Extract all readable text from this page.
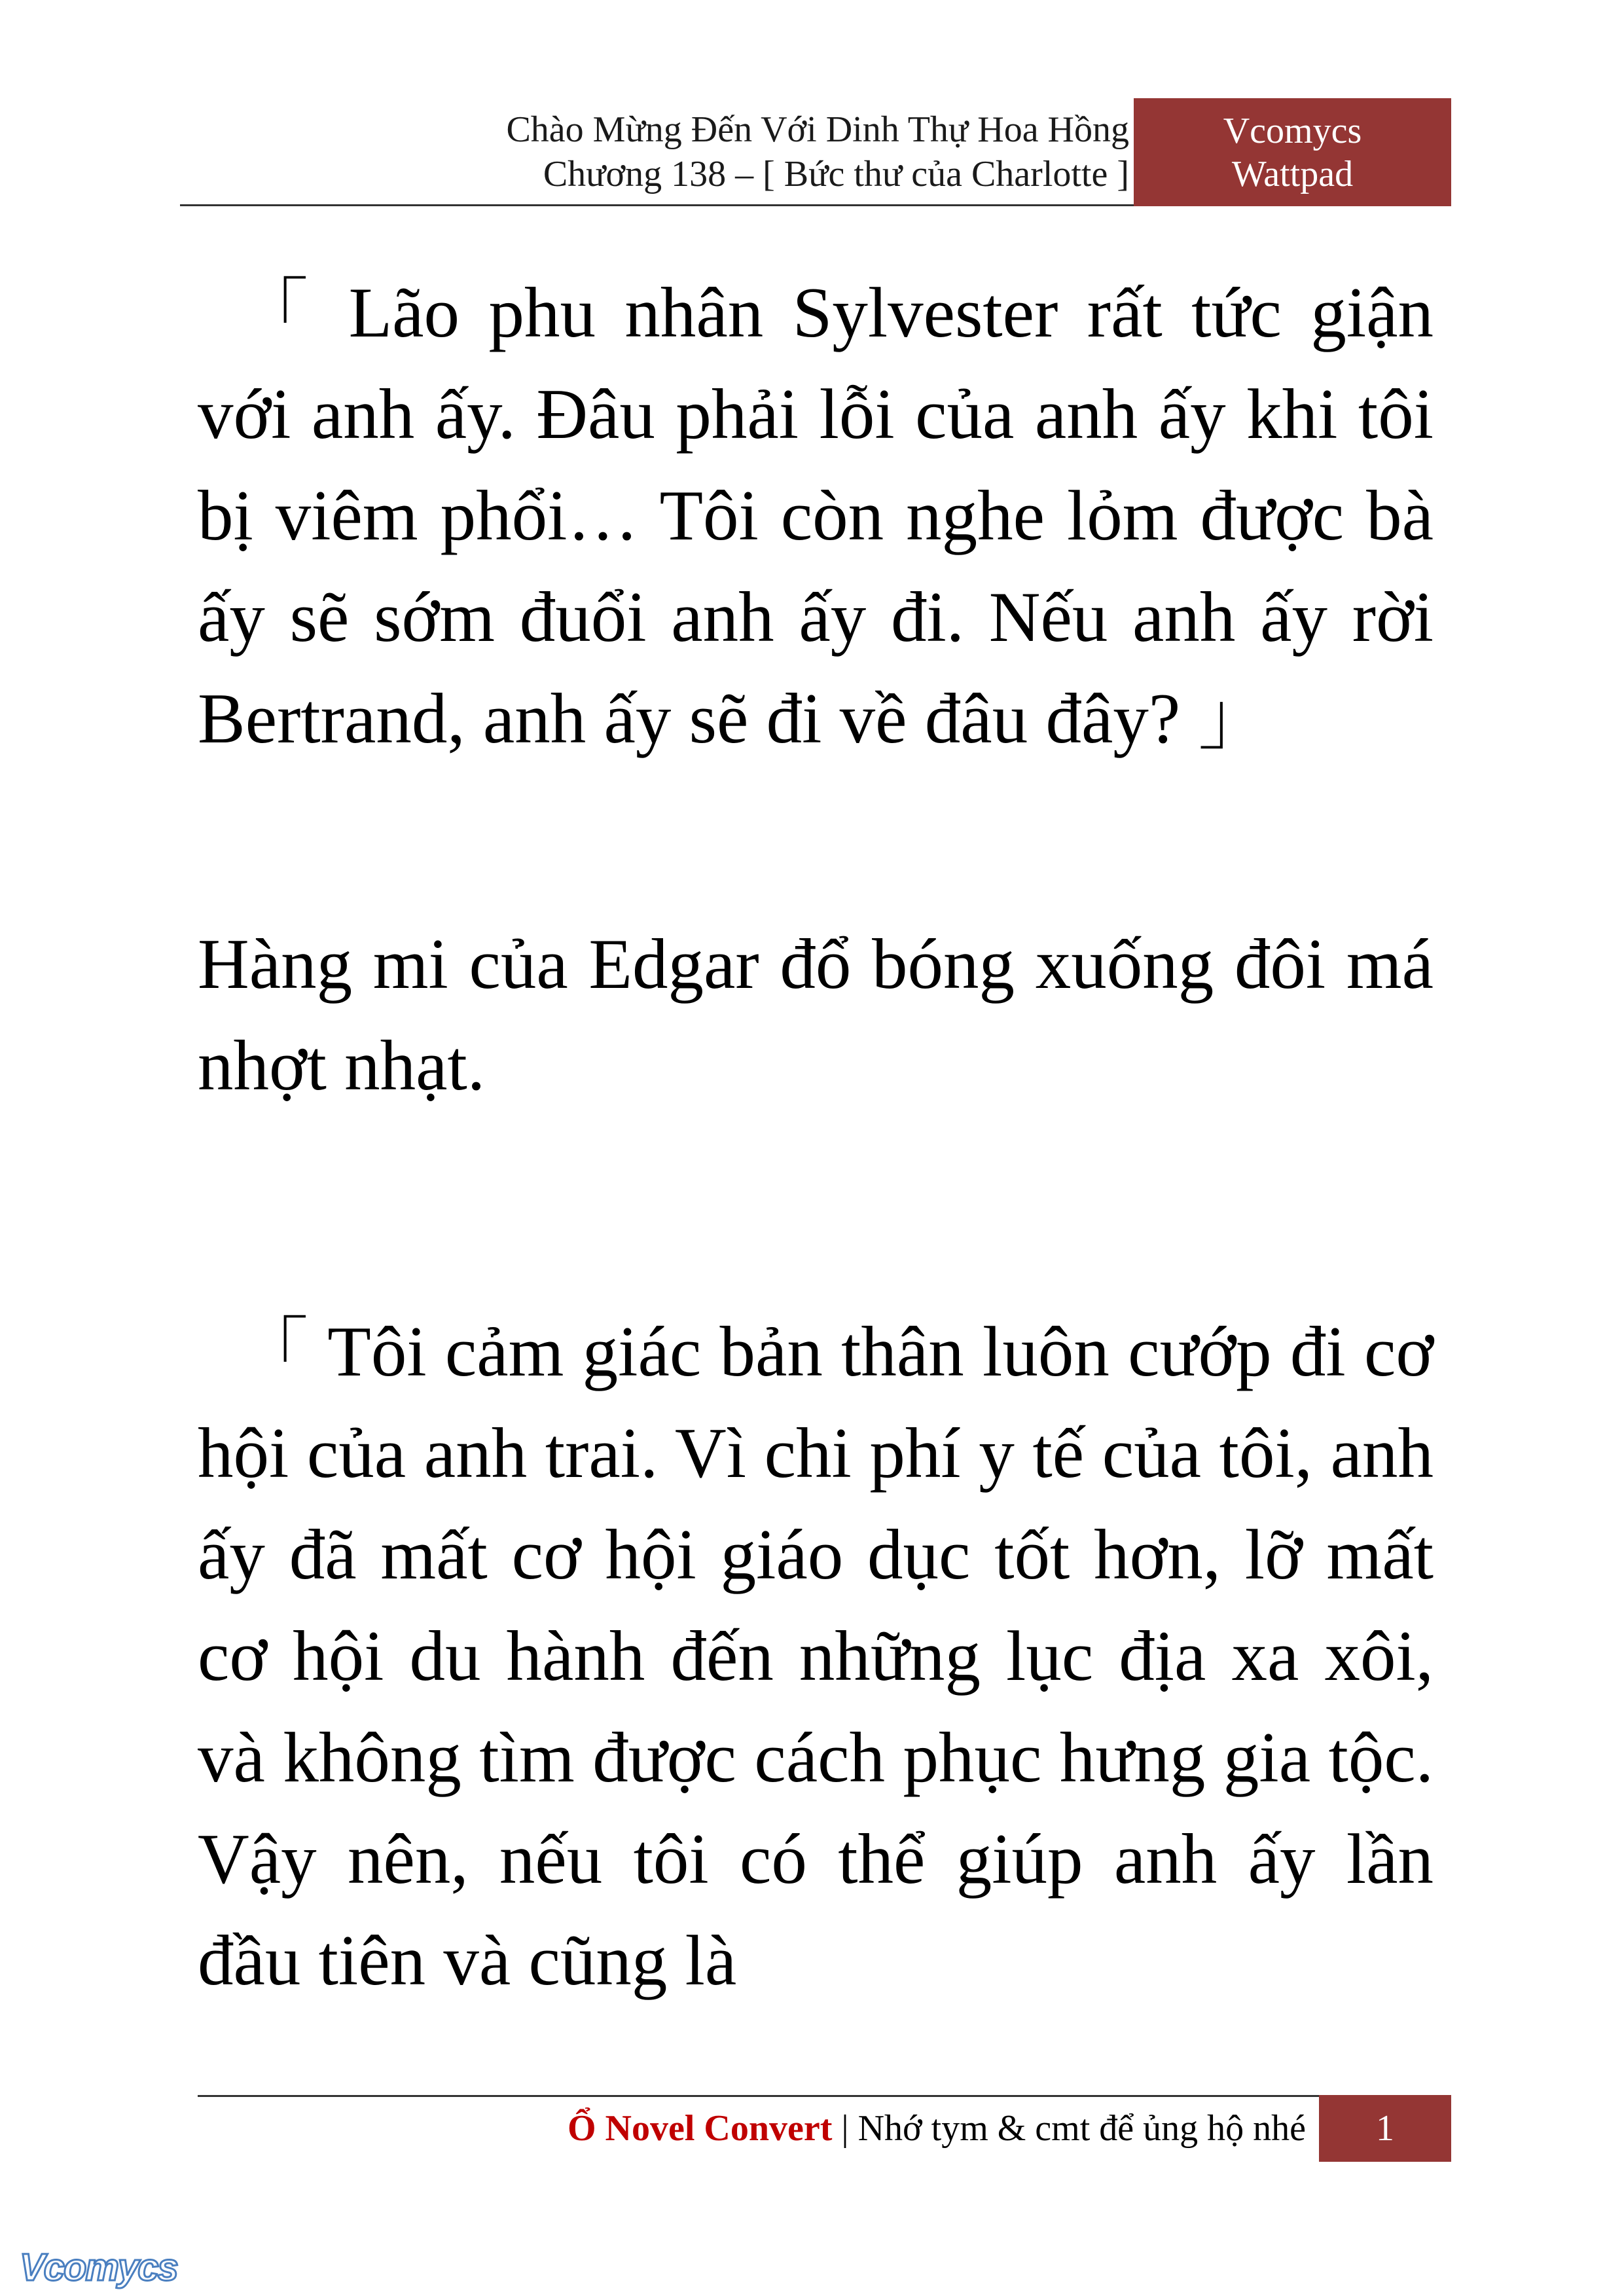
Chào Mừng Đến Với Dinh Thự Hoa Hồng
Chương 138 – [ Bức thư của Charlotte ]
Vcomycs
Wattpad

「 Lão phu nhân Sylvester rất tức giận với anh ấy. Đâu phải lỗi của anh ấy khi tôi bị viêm phổi… Tôi còn nghe lỏm được bà ấy sẽ sớm đuổi anh ấy đi. Nếu anh ấy rời Bertrand, anh ấy sẽ đi về đâu đây? 」

Hàng mi của Edgar đổ bóng xuống đôi má nhợt nhạt.

「 Tôi cảm giác bản thân luôn cướp đi cơ hội của anh trai. Vì chi phí y tế của tôi, anh ấy đã mất cơ hội giáo dục tốt hơn, lỡ mất cơ hội du hành đến những lục địa xa xôi, và không tìm được cách phục hưng gia tộc. Vậy nên, nếu tôi có thể giúp anh ấy lần đầu tiên và cũng là

Ổ Novel Convert | Nhớ tym & cmt để ủng hộ nhé	1
Vcomycs
